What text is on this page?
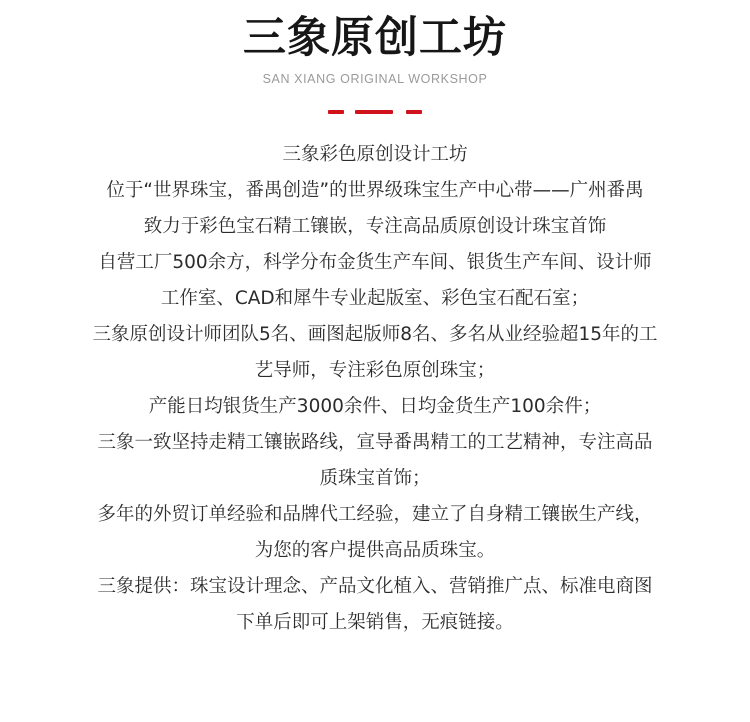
三象原创工坊
SAN XIANG ORIGINAL WORKSHOP
三象彩色原创设计工坊
位于“世界珠宝，番禺创造”的世界级珠宝生产中心带——广州番禺
致力于彩色宝石精工镶嵌，专注高品质原创设计珠宝首饰
自营工厂500余方，科学分布金货生产车间、银货生产车间、设计师
工作室、CAD和犀牛专业起版室、彩色宝石配石室；
三象原创设计师团队5名、画图起版师8名、多名从业经验超15年的工
艺导师，专注彩色原创珠宝；
产能日均银货生产3000余件、日均金货生产100余件；
三象一致坚持走精工镶嵌路线，宣导番禺精工的工艺精神，专注高品
质珠宝首饰；
多年的外贸订单经验和品牌代工经验，建立了自身精工镶嵌生产线，
为您的客户提供高品质珠宝。
三象提供：珠宝设计理念、产品文化植入、营销推广点、标准电商图
下单后即可上架销售，无痕链接。
